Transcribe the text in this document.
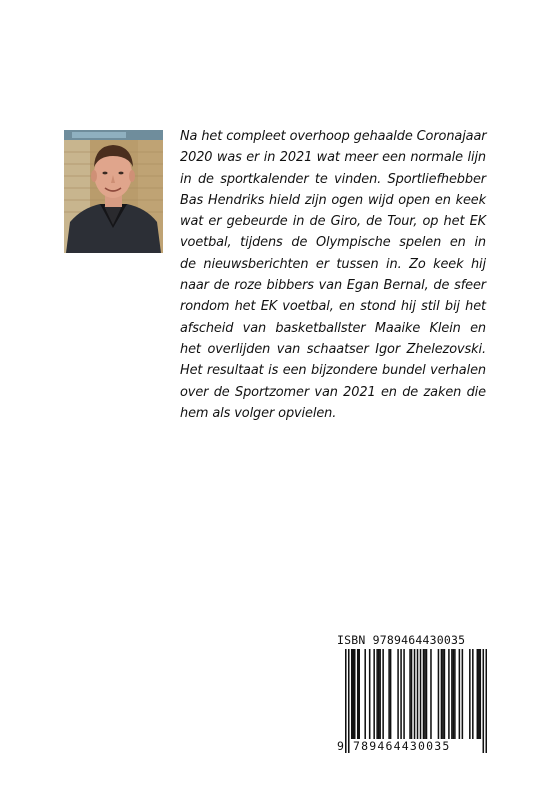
Na het compleet overhoop gehaalde Coronajaar
2020 was er in 2021 wat meer een normale lijn
in de sportkalender te vinden. Sportliefhebber
Bas Hendriks hield zijn ogen wijd open en keek
wat er gebeurde in de Giro, de Tour, op het EK
voetbal, tijdens de Olympische spelen en in
de nieuwsberichten er tussen in. Zo keek hij
naar de roze bibbers van Egan Bernal, de sfeer
rondom het EK voetbal, en stond hij stil bij het
afscheid van basketballster Maaike Klein en
het overlijden van schaatser Igor Zhelezovski.
Het resultaat is een bijzondere bundel verhalen
over de Sportzomer van 2021 en de zaken die
hem als volger opvielen.
ISBN 9789464430035
9 789464430035
